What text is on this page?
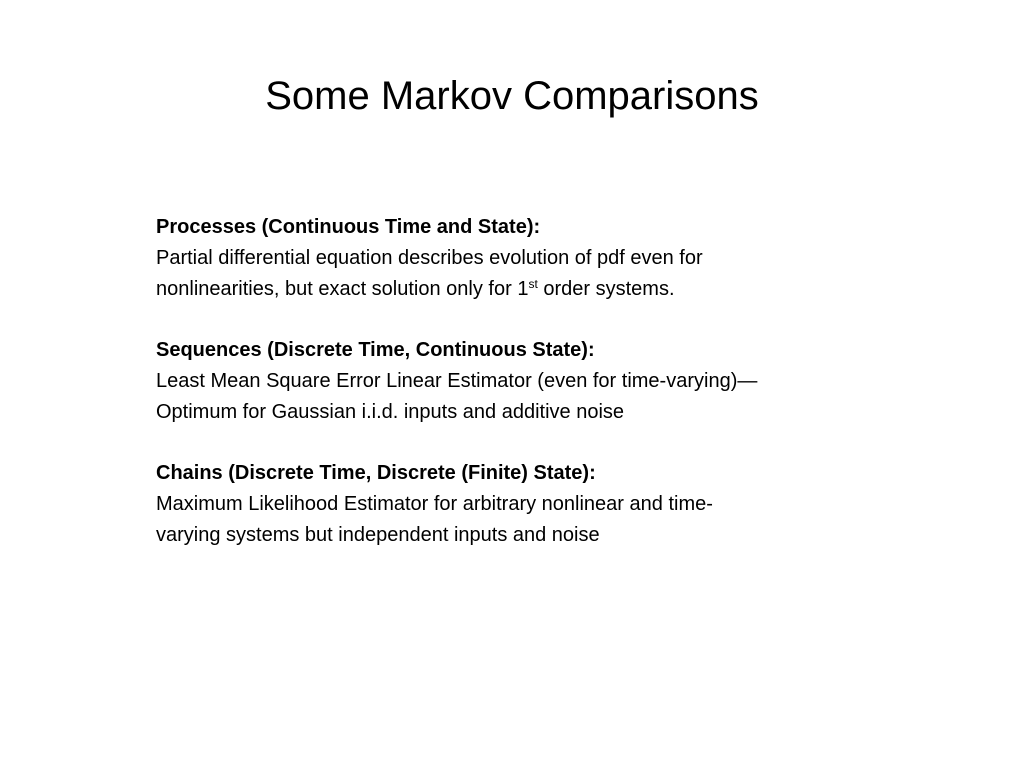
Some Markov Comparisons
Processes (Continuous Time and State):
Partial differential equation describes evolution of pdf even for
nonlinearities, but exact solution only for 1st order systems.
Sequences (Discrete Time, Continuous State):
Least Mean Square Error Linear Estimator (even for time-varying)—
Optimum for Gaussian i.i.d. inputs and additive noise
Chains (Discrete Time, Discrete (Finite) State):
Maximum Likelihood Estimator for arbitrary nonlinear and time-
varying systems but independent inputs and noise
